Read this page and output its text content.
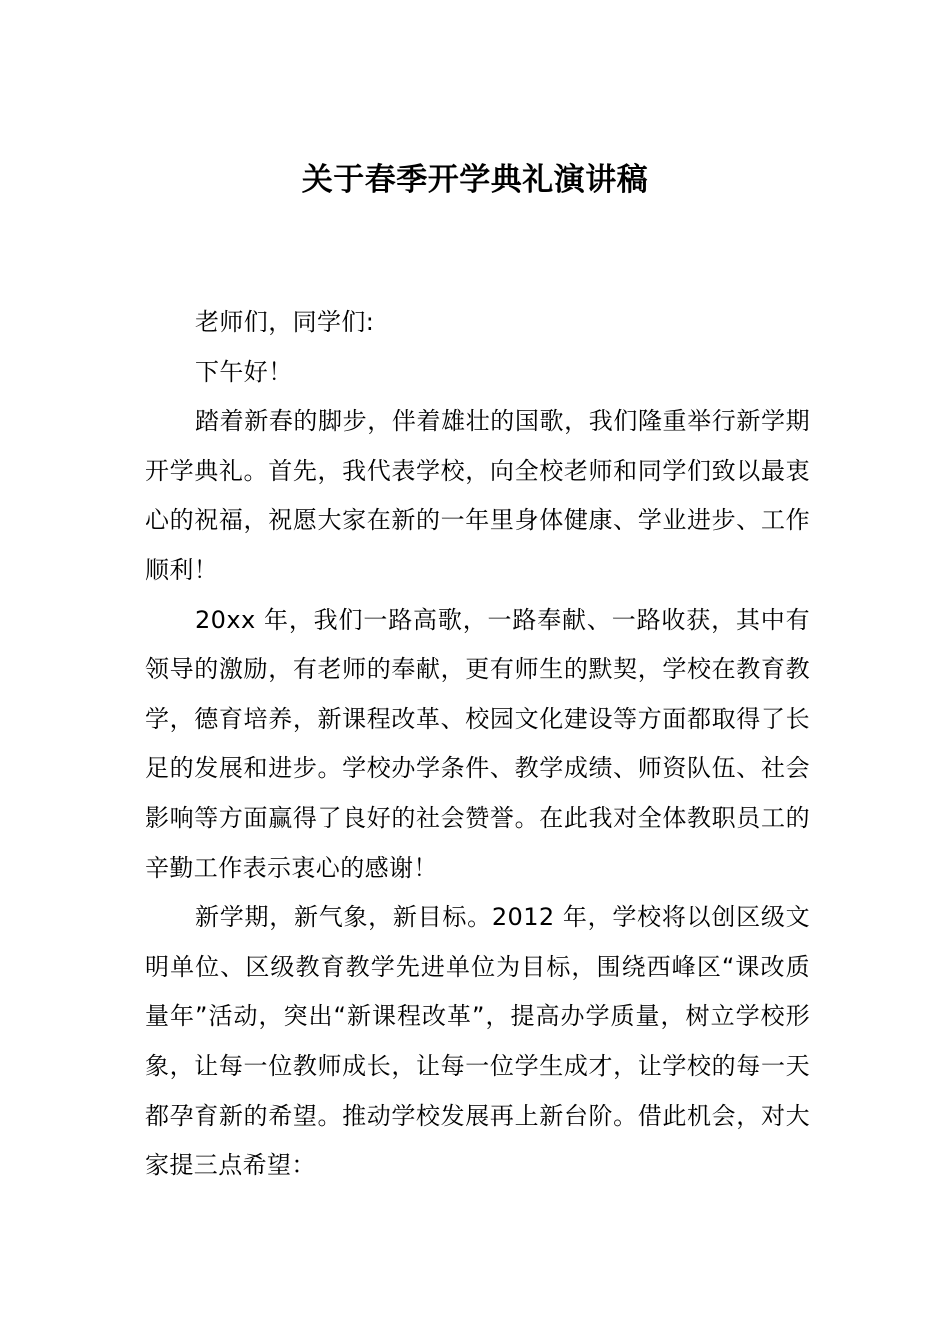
关于春季开学典礼演讲稿

老师们，同学们:

下午好！

踏着新春的脚步，伴着雄壮的国歌，我们隆重举行新学期开学典礼。首先，我代表学校，向全校老师和同学们致以最衷心的祝福，祝愿大家在新的一年里身体健康、学业进步、工作顺利！

20xx 年，我们一路高歌，一路奉献、一路收获，其中有领导的激励，有老师的奉献，更有师生的默契，学校在教育教学，德育培养，新课程改革、校园文化建设等方面都取得了长足的发展和进步。学校办学条件、教学成绩、师资队伍、社会影响等方面赢得了良好的社会赞誉。在此我对全体教职员工的辛勤工作表示衷心的感谢！

新学期，新气象，新目标。2012 年，学校将以创区级文明单位、区级教育教学先进单位为目标，围绕西峰区“课改质量年”活动，突出“新课程改革”，提高办学质量，树立学校形象，让每一位教师成长，让每一位学生成才，让学校的每一天都孕育新的希望。推动学校发展再上新台阶。借此机会，对大家提三点希望：
